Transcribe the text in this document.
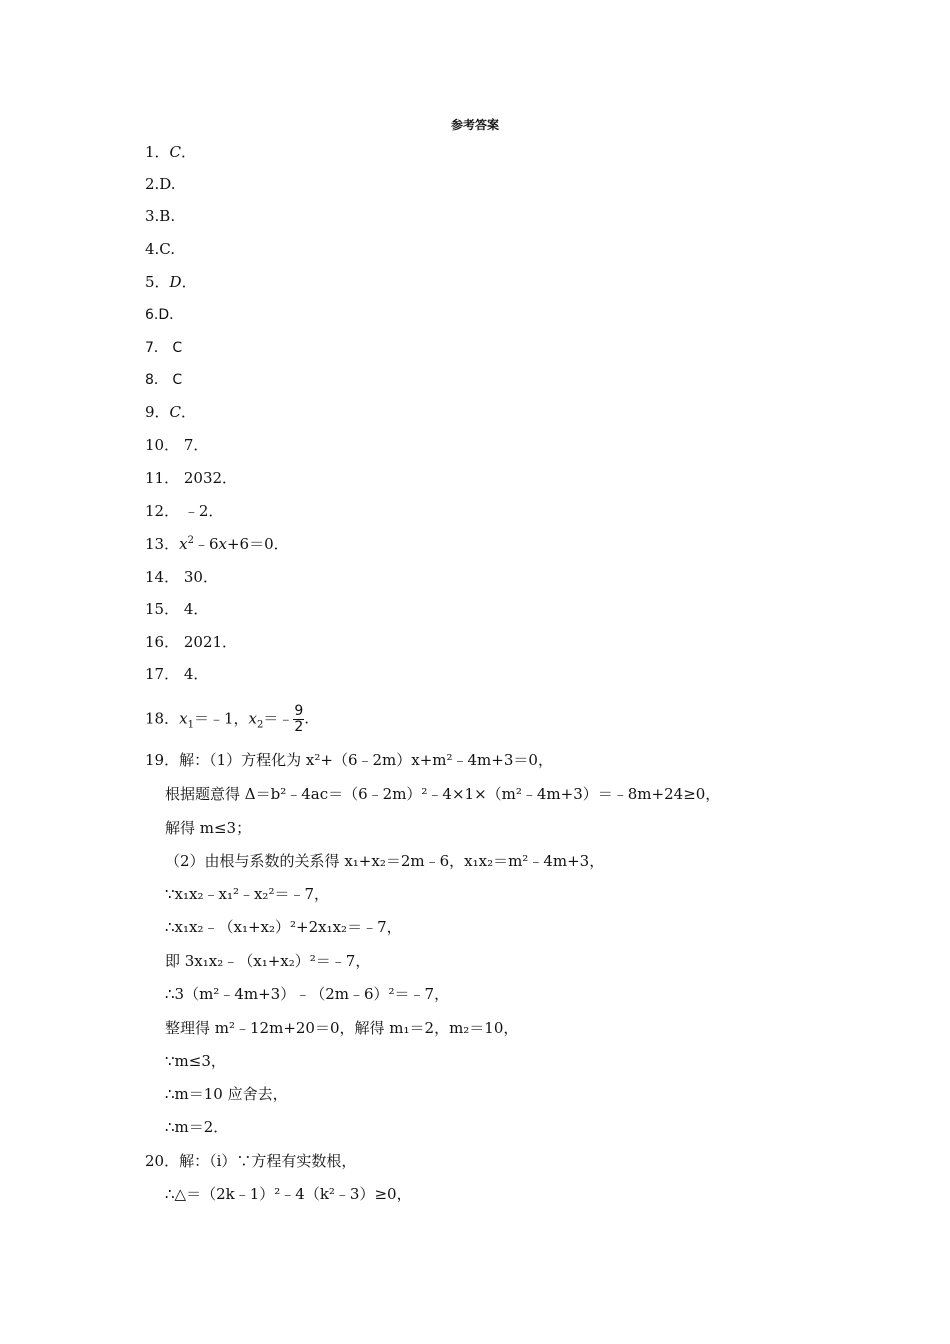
参考答案
1．C．
2.D.
3.B.
4.C.
5．D．
6.D．
7． C
8． C
9．C．
10． 7．
11． 2032．
12． ﹣2．
13．$x^2﹣6x+6=0$．
14． 30．
15． 4．
16． 2021．
17． 4．
18．$x_1=﹣1$，$x_2=﹣ \frac{9}{2}$ .
19．解：（1）方程化为 x²+（6﹣2m）x+m²﹣4m+3＝0，
根据题意得 Δ＝b²﹣4ac＝（6﹣2m）²﹣4×1×（m²﹣4m+3）＝﹣8m+24≥0，
解得 m≤3；
（2）由根与系数的关系得 x₁+x₂＝2m﹣6，x₁x₂＝m²﹣4m+3，
∵x₁x₂﹣x₁²﹣x₂²＝﹣7，
∴x₁x₂﹣（x₁+x₂）²+2x₁x₂＝﹣7，
即 3x₁x₂﹣（x₁+x₂）²＝﹣7，
∴3（m²﹣4m+3）﹣（2m﹣6）²＝﹣7，
整理得 m²﹣12m+20＝0，解得 m₁＝2，m₂＝10，
∵m≤3，
∴m＝10 应舍去，
∴m＝2．
20．解：（i）∵方程有实数根，
∴△＝（2k﹣1）²﹣4（k²﹣3）≥0，
